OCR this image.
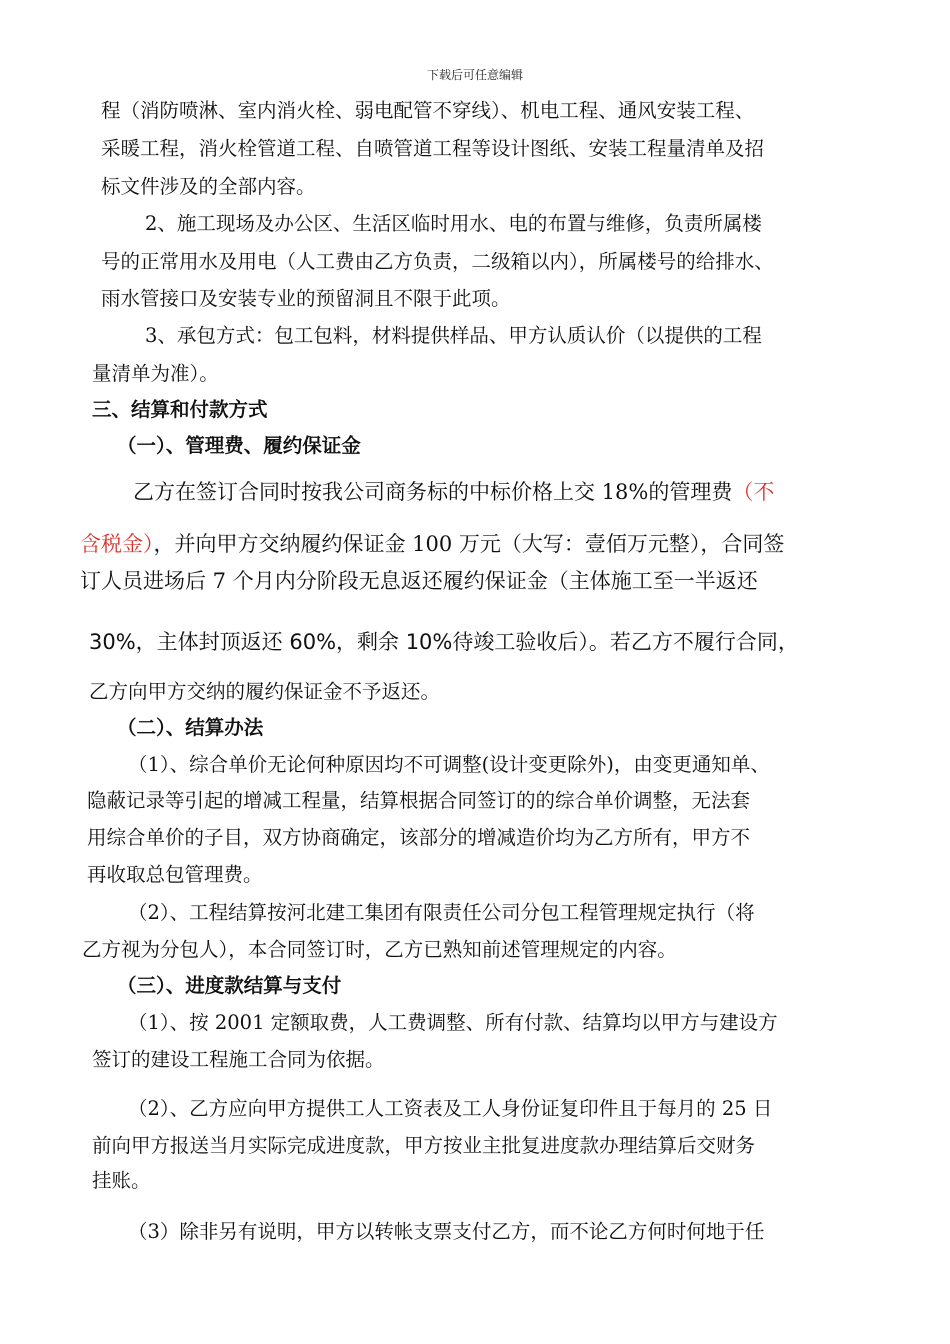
下载后可任意编辑
程（消防喷淋、室内消火栓、弱电配管不穿线）、机电工程、通风安装工程、
采暖工程，消火栓管道工程、自喷管道工程等设计图纸、安装工程量清单及招
标文件涉及的全部内容。
2、施工现场及办公区、生活区临时用水、电的布置与维修，负责所属楼
号的正常用水及用电（人工费由乙方负责，二级箱以内），所属楼号的给排水、
雨水管接口及安装专业的预留洞且不限于此项。
3、承包方式：包工包料，材料提供样品、甲方认质认价（以提供的工程
量清单为准）。
三、结算和付款方式
（一）、管理费、履约保证金
乙方在签订合同时按我公司商务标的中标价格上交 18%的管理费（不
含税金），并向甲方交纳履约保证金 100 万元（大写：壹佰万元整），合同签
订人员进场后 7 个月内分阶段无息返还履约保证金（主体施工至一半返还
30%，主体封顶返还 60%，剩余 10%待竣工验收后）。若乙方不履行合同，
乙方向甲方交纳的履约保证金不予返还。
（二）、结算办法
（1）、综合单价无论何种原因均不可调整(设计变更除外)，由变更通知单、
隐蔽记录等引起的增减工程量，结算根据合同签订的的综合单价调整，无法套
用综合单价的子目，双方协商确定，该部分的增减造价均为乙方所有，甲方不
再收取总包管理费。
（2）、工程结算按河北建工集团有限责任公司分包工程管理规定执行（将
乙方视为分包人），本合同签订时，乙方已熟知前述管理规定的内容。
（三）、进度款结算与支付
（1）、按 2001 定额取费，人工费调整、所有付款、结算均以甲方与建设方
签订的建设工程施工合同为依据。
（2）、乙方应向甲方提供工人工资表及工人身份证复印件且于每月的 25 日
前向甲方报送当月实际完成进度款，甲方按业主批复进度款办理结算后交财务
挂账。
（3）除非另有说明，甲方以转帐支票支付乙方，而不论乙方何时何地于任
